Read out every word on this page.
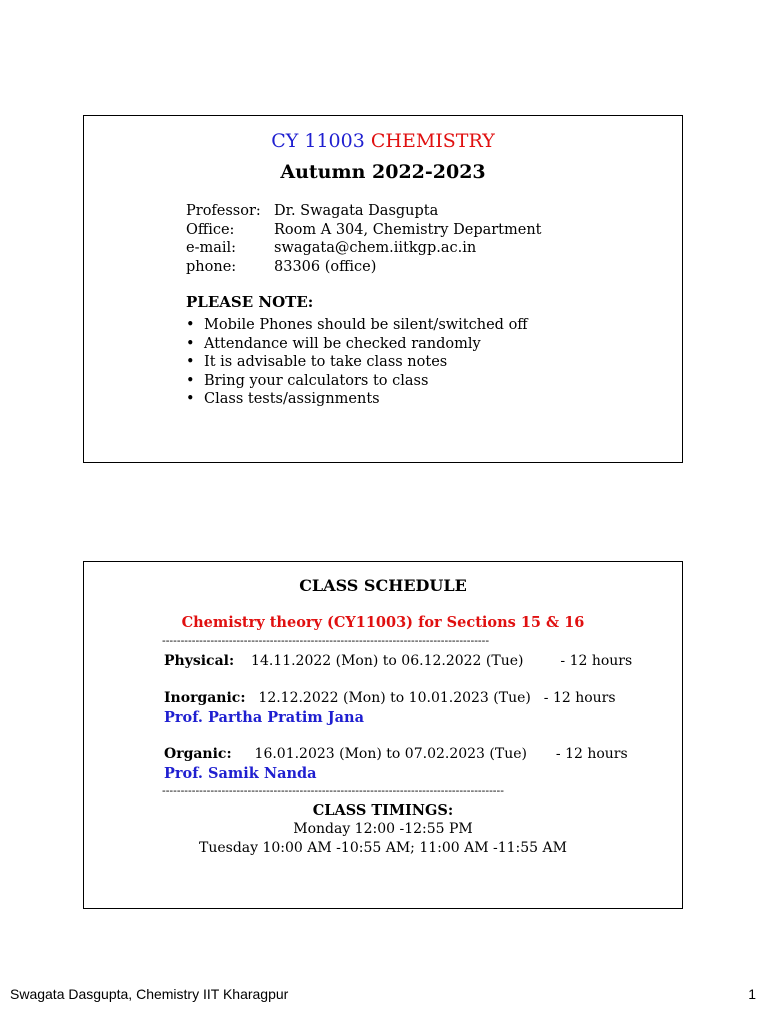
CY 11003 CHEMISTRY
Autumn 2022-2023
Professor: Dr. Swagata Dasgupta
Office:	Room A 304, Chemistry Department
e-mail:	swagata@chem.iitkgp.ac.in
phone:	83306 (office)
PLEASE NOTE:
• Mobile Phones should be silent/switched off
• Attendance will be checked randomly
• It is advisable to take class notes
• Bring your calculators to class
• Class tests/assignments
CLASS SCHEDULE
Chemistry theory (CY11003) for Sections 15 & 16
----------------------------------------------------------------------------------------
Physical: 14.11.2022 (Mon) to 06.12.2022 (Tue)	- 12 hours
Inorganic: 12.12.2022 (Mon) to 10.01.2023 (Tue) - 12 hours
Prof. Partha Pratim Jana
Organic: 16.01.2023 (Mon) to 07.02.2023 (Tue) - 12 hours
Prof. Samik Nanda
--------------------------------------------------------------------------------------------
CLASS TIMINGS:
Monday 12:00 -12:55 PM
Tuesday 10:00 AM -10:55 AM; 11:00 AM -11:55 AM
Swagata Dasgupta, Chemistry IIT Kharagpur	1
